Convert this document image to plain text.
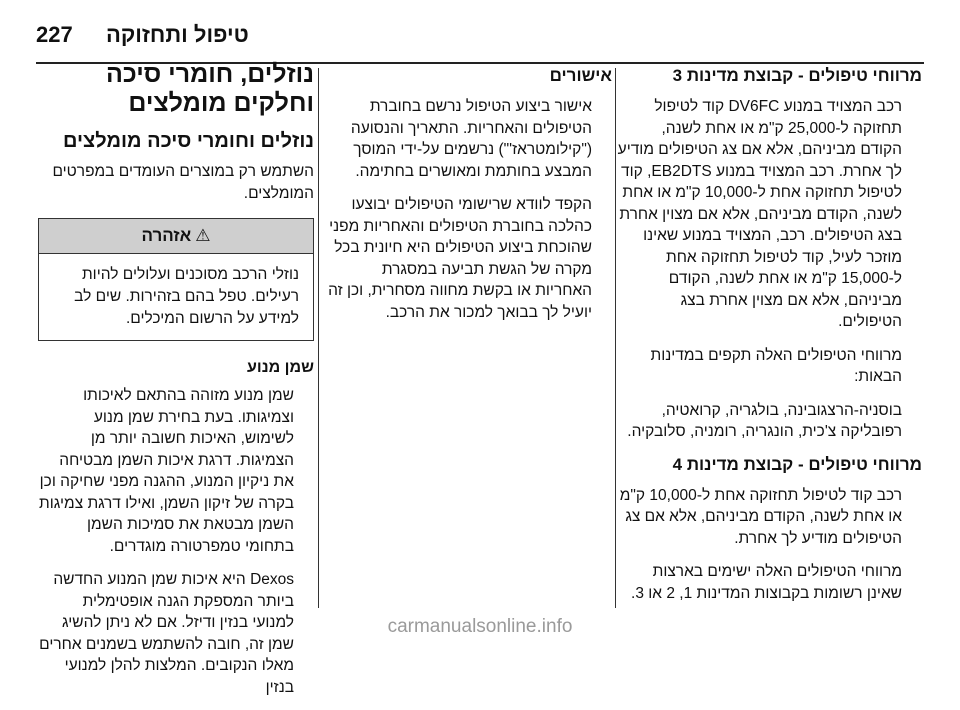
227 טיפול ותחזוקה
מרווחי טיפולים - קבוצת מדינות 3

רכב המצויד במנוע DV6FC קוד לטיפול תחזוקה ל-25,000 ק"מ או אחת לשנה, הקודם מביניהם, אלא אם צג הטיפולים מודיע לך אחרת. רכב המצויד במנוע EB2DTS, קוד לטיפול תחזוקה אחת ל-10,000 ק"מ או אחת לשנה, הקודם מביניהם, אלא אם מצוין אחרת בצג הטיפולים. רכב, המצויד במנוע שאינו מוזכר לעיל, קוד לטיפול תחזוקה אחת ל-15,000 ק"מ או אחת לשנה, הקודם מביניהם, אלא אם מצוין אחרת בצג הטיפולים.

מרווחי הטיפולים האלה תקפים במדינות הבאות:

בוסניה-הרצגובינה, בולגריה, קרואטיה, רפובליקה צ'כית, הונגריה, רומניה, סלובקיה.

מרווחי טיפולים - קבוצת מדינות 4

רכב קוד לטיפול תחזוקה אחת ל-10,000 ק"מ או אחת לשנה, הקודם מביניהם, אלא אם צג הטיפולים מודיע לך אחרת.

מרווחי הטיפולים האלה ישימים בארצות שאינן רשומות בקבוצות המדינות 1, 2 או 3.

אישורים

אישור ביצוע הטיפול נרשם בחוברת הטיפולים והאחריות. התאריך והנסועה ("קילומטראז'") נרשמים על-ידי המוסך המבצע בחותמת ומאושרים בחתימה.

הקפד לוודא שרישומי הטיפולים יבוצעו כהלכה בחוברת הטיפולים והאחריות מפני שהוכחת ביצוע הטיפולים היא חיונית בכל מקרה של הגשת תביעה במסגרת האחריות או בקשת מחווה מסחרית, וכן זה יועיל לך בבואך למכור את הרכב.

נוזלים, חומרי סיכה וחלקים מומלצים
נוזלים וחומרי סיכה מומלצים

השתמש רק במוצרים העומדים במפרטים המומלצים.

⚠אזהרה

נוזלי הרכב מסוכנים ועלולים להיות רעילים. טפל בהם בזהירות. שים לב למידע על הרשום המיכלים.

שמן מנוע

שמן מנוע מזוהה בהתאם לאיכותו וצמיגותו. בעת בחירת שמן מנוע לשימוש, האיכות חשובה יותר מן הצמיגות. דרגת איכות השמן מבטיחה את ניקיון המנוע, ההגנה מפני שחיקה וכן בקרה של זיקון השמן, ואילו דרגת צמיגות השמן מבטאת את סמיכות השמן בתחומי טמפרטורה מוגדרים.

Dexos היא איכות שמן המנוע החדשה ביותר המספקת הגנה אופטימלית למנועי בנזין ודיזל. אם לא ניתן להשיג שמן זה, חובה להשתמש בשמנים אחרים מאלו הנקובים. המלצות להלן למנועי בנזין

carmanualsonline.info
